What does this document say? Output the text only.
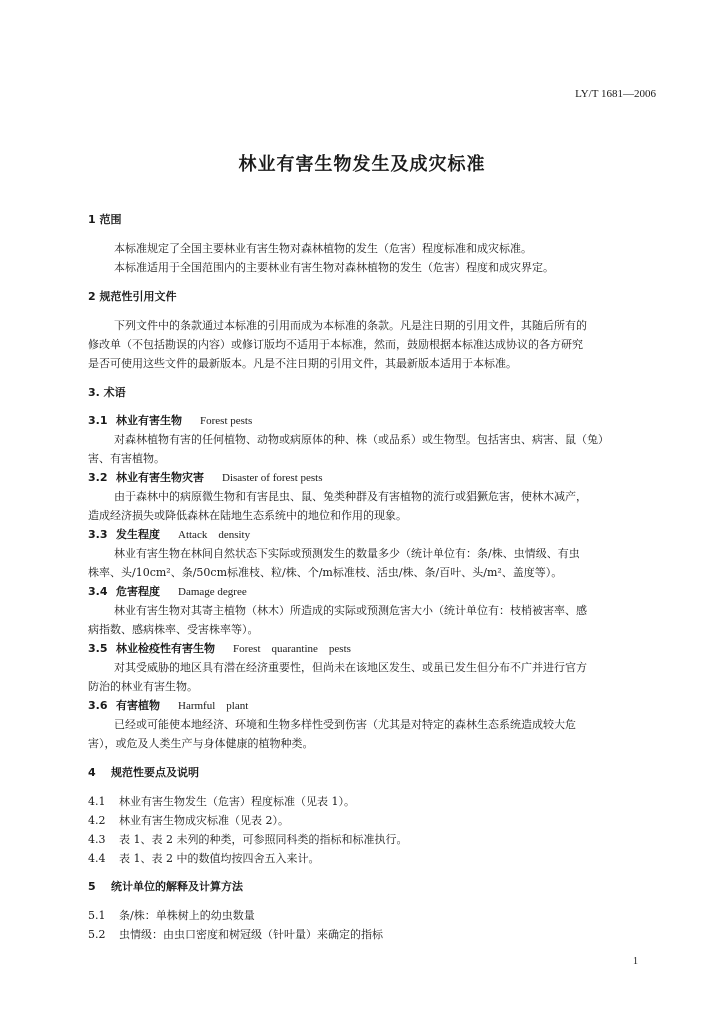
LY/T 1681—2006
林业有害生物发生及成灾标准
1 范围
本标准规定了全国主要林业有害生物对森林植物的发生（危害）程度标准和成灾标准。
本标准适用于全国范围内的主要林业有害生物对森林植物的发生（危害）程度和成灾界定。
2 规范性引用文件
下列文件中的条款通过本标准的引用而成为本标准的条款。凡是注日期的引用文件，其随后所有的
修改单（不包括勘误的内容）或修订版均不适用于本标准，然而，鼓励根据本标准达成协议的各方研究
是否可使用这些文件的最新版本。凡是不注日期的引用文件，其最新版本适用于本标准。
3. 术语
3.1 林业有害生物 Forest pests
对森林植物有害的任何植物、动物或病原体的种、株（或品系）或生物型。包括害虫、病害、鼠（兔）
害、有害植物。
3.2 林业有害生物灾害 Disaster of forest pests
由于森林中的病原微生物和有害昆虫、鼠、兔类种群及有害植物的流行或猖獗危害，使林木减产，
造成经济损失或降低森林在陆地生态系统中的地位和作用的现象。
3.3 发生程度 Attack    density
林业有害生物在林间自然状态下实际或预测发生的数量多少（统计单位有：条/株、虫情级、有虫
株率、头/10cm²、条/50cm标准枝、粒/株、个/m标准枝、活虫/株、条/百叶、头/m²、盖度等）。
3.4 危害程度 Damage degree
林业有害生物对其寄主植物（林木）所造成的实际或预测危害大小（统计单位有：枝梢被害率、感
病指数、感病株率、受害株率等）。
3.5 林业检疫性有害生物 Forest    quarantine    pests
对其受威胁的地区具有潜在经济重要性，但尚未在该地区发生、或虽已发生但分布不广并进行官方
防治的林业有害生物。
3.6 有害植物 Harmful    plant
已经或可能使本地经济、环境和生物多样性受到伤害（尤其是对特定的森林生态系统造成较大危
害），或危及人类生产与身体健康的植物种类。
4    规范性要点及说明
4.1 林业有害生物发生（危害）程度标准（见表 1）。
4.2 林业有害生物成灾标准（见表 2）。
4.3 表 1、表 2 未列的种类，可参照同科类的指标和标准执行。
4.4 表 1、表 2 中的数值均按四舍五入来计。
5    统计单位的解释及计算方法
5.1 条/株：单株树上的幼虫数量
5.2 虫情级：由虫口密度和树冠级（针叶量）来确定的指标
1
